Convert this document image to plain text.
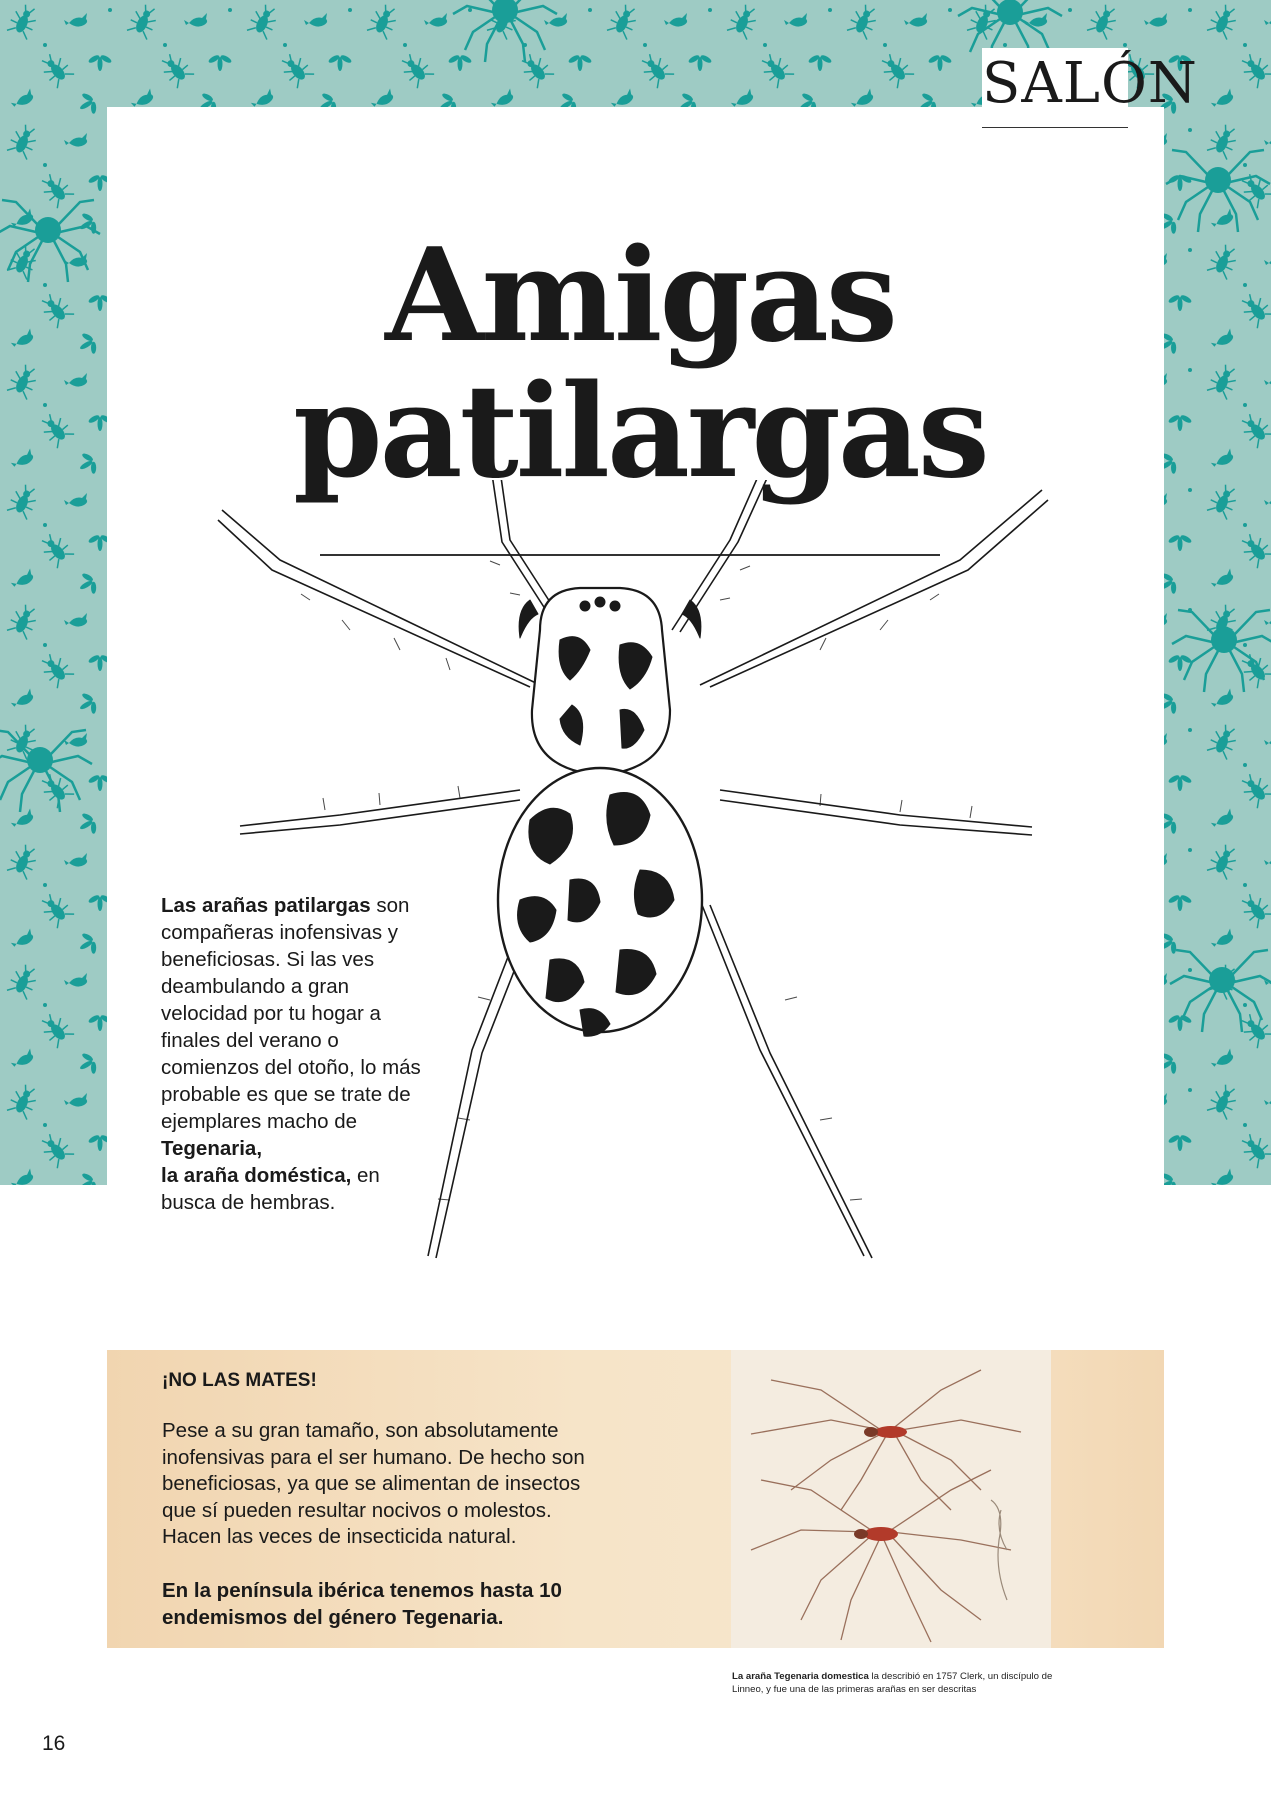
SALÓN
Amigas
patilargas

Las arañas patilargas son compañeras inofensivas y beneficiosas. Si las ves deambulando a gran velocidad por tu hogar a finales del verano o comienzos del otoño, lo más probable es que se trate de ejemplares macho de Tegenaria,
la araña doméstica, en busca de hembras.

¡NO LAS MATES!

Pese a su gran tamaño, son absolutamente inofensivas para el ser humano. De hecho son beneficiosas, ya que se alimentan de insectos que sí pueden resultar nocivos o molestos. Hacen las veces de insecticida natural.

En la península ibérica tenemos hasta 10 endemismos del género Tegenaria.

La araña Tegenaria domestica la describió en 1757 Clerk, un discípulo de Linneo, y fue una de las primeras arañas en ser descritas

16
